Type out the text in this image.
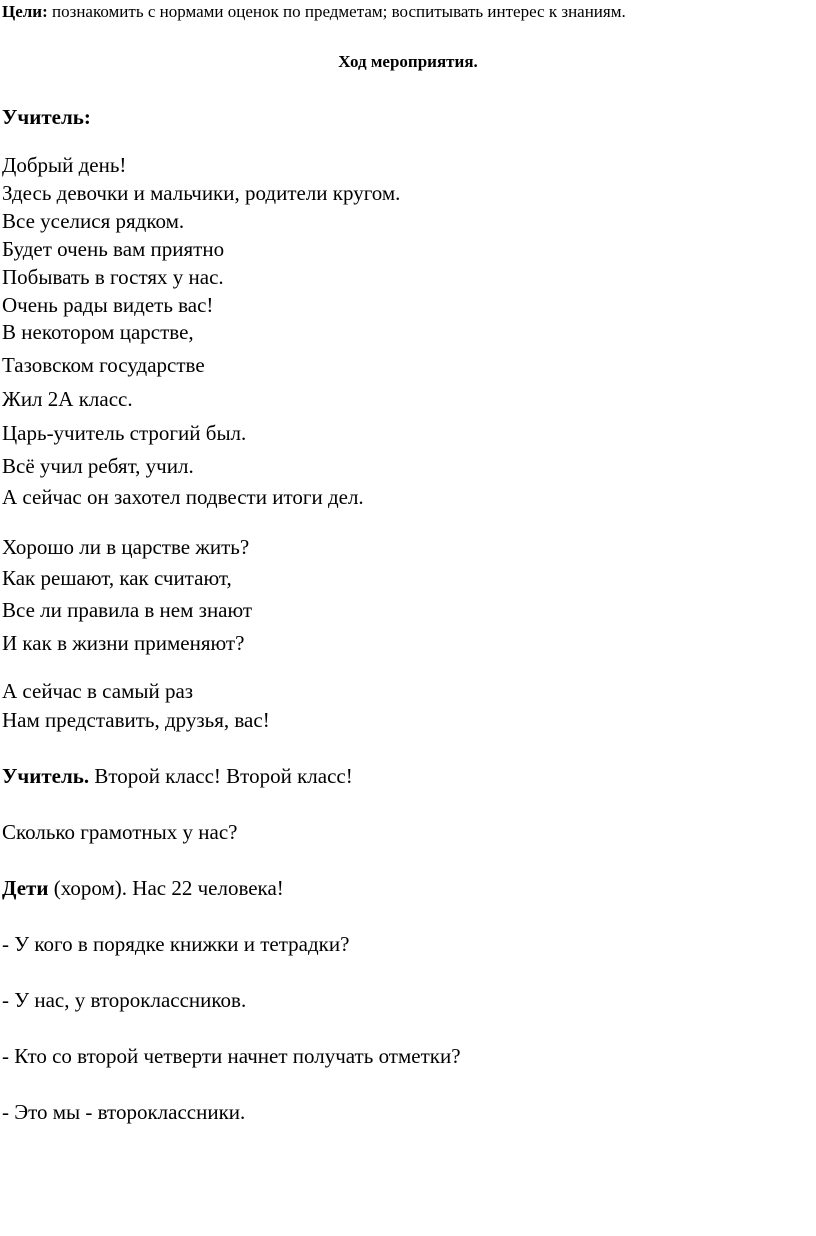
Цели: познакомить с нормами оценок по предметам; воспитывать интерес к знаниям.
Ход мероприятия.
Учитель:
Добрый день!
Здесь девочки и мальчики, родители кругом.
Все уселися рядком.
Будет очень вам приятно
Побывать в гостях у нас.
Очень рады видеть вас!
В некотором царстве,
Тазовском государстве
Жил 2А класс.
Царь-учитель строгий был.
Всё учил ребят, учил.
А сейчас он захотел подвести итоги дел.
Хорошо ли в царстве жить?
Как решают, как считают,
Все ли правила в нем знают
И как в жизни применяют?
А сейчас в самый раз
Нам представить, друзья, вас!
Учитель. Второй класс! Второй класс!
Сколько грамотных у нас?
Дети (хором). Нас 22 человека!
- У кого в порядке книжки и тетрадки?
- У нас, у второклассников.
- Кто со второй четверти начнет получать отметки?
- Это мы - второклассники.
